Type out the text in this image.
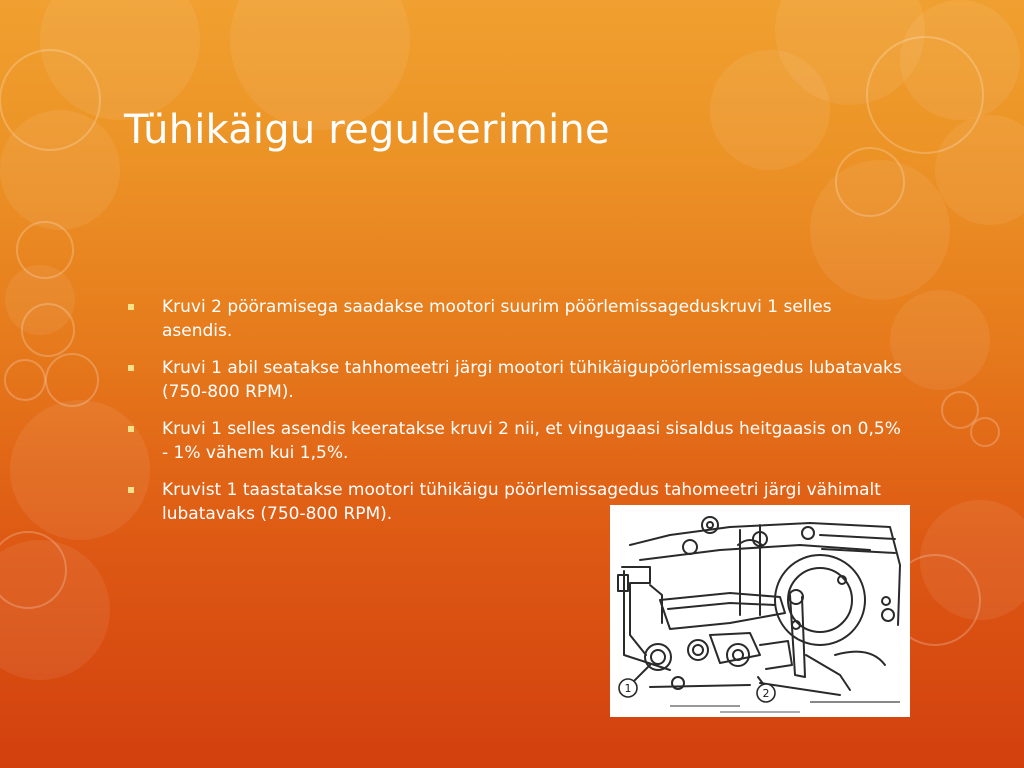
Tühikäigu reguleerimine
Kruvi 2 pööramisega saadakse mootori suurim pöörlemissageduskruvi 1 selles asendis.
Kruvi 1 abil seatakse tahhomeetri järgi mootori tühikäigupöörlemissagedus lubatavaks (750-800 RPM).
Kruvi 1 selles asendis keeratakse kruvi 2 nii, et vingugaasi sisaldus heitgaasis on 0,5% - 1% vähem kui 1,5%.
Kruvist 1 taastatakse mootori tühikäigu pöörlemissagedus tahomeetri järgi vähimalt lubatavaks (750-800 RPM).
1	2
